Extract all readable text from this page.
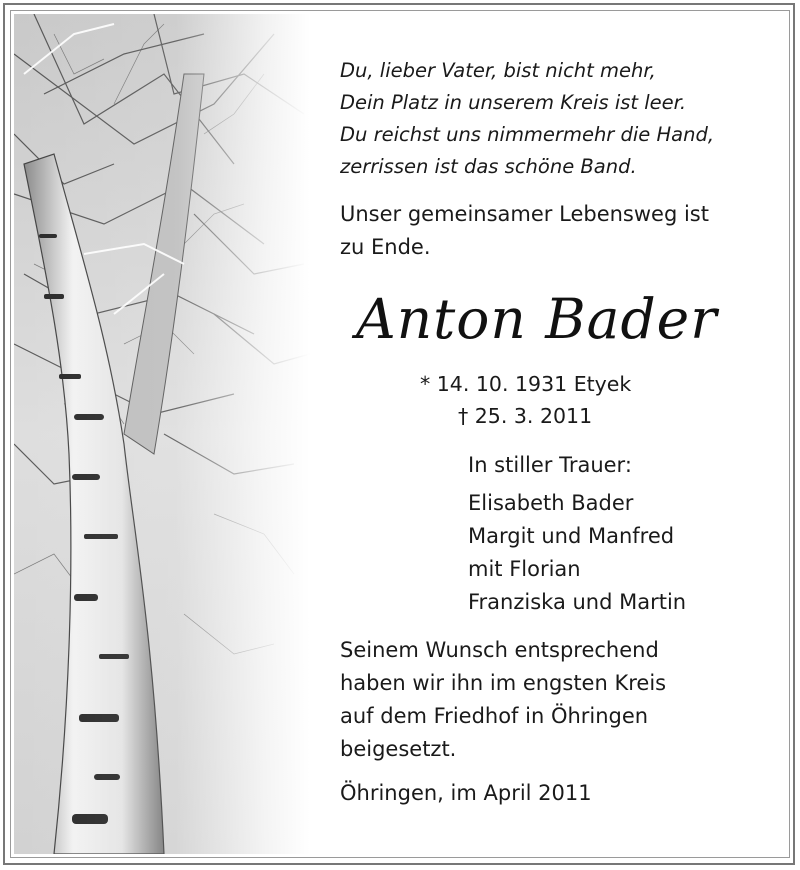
Du, lieber Vater, bist nicht mehr,
Dein Platz in unserem Kreis ist leer.
Du reichst uns nimmermehr die Hand,
zerrissen ist das schöne Band.
Unser gemeinsamer Lebensweg ist
zu Ende.
Anton Bader
* 14. 10. 1931 Etyek
† 25. 3. 2011
In stiller Trauer:
Elisabeth Bader
Margit und Manfred
mit Florian
Franziska und Martin
Seinem Wunsch entsprechend
haben wir ihn im engsten Kreis
auf dem Friedhof in Öhringen
beigesetzt.
Öhringen, im April 2011
